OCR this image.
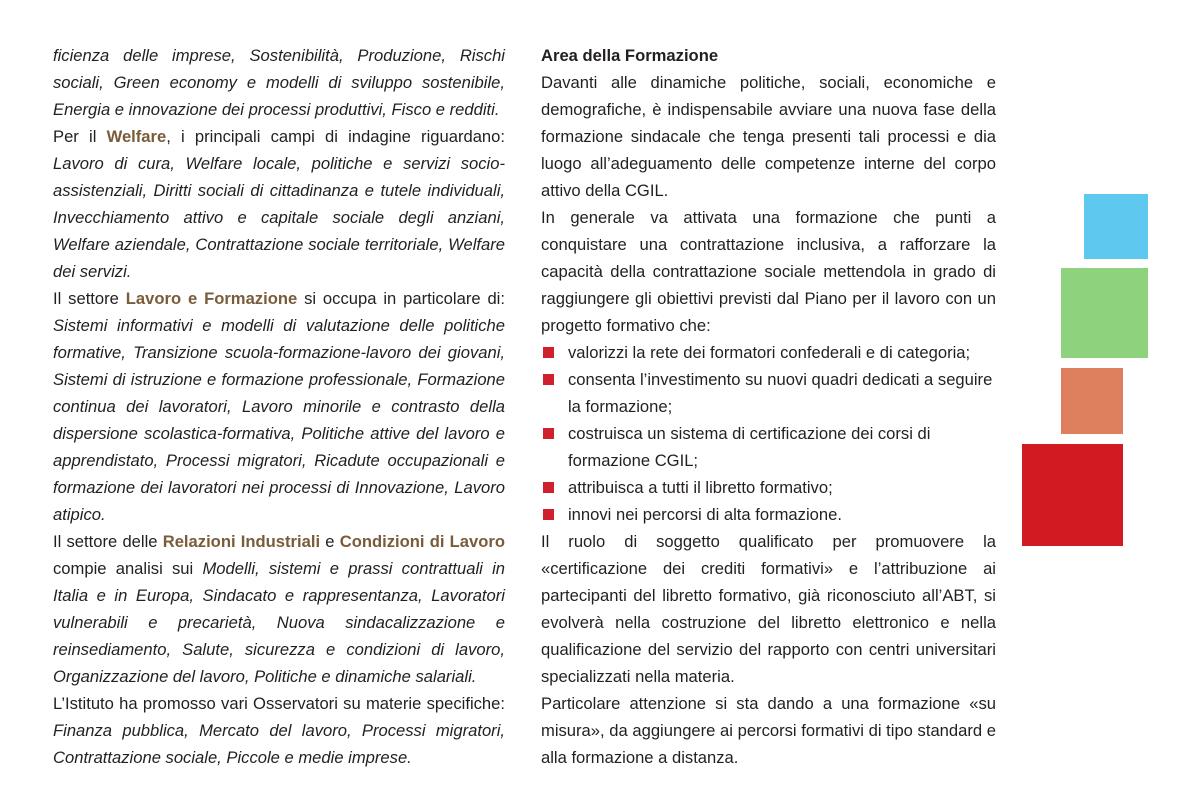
ficienza delle imprese, Sostenibilità, Produzione, Rischi sociali, Green economy e modelli di sviluppo sostenibile, Energia e innovazione dei processi produttivi, Fisco e redditi.

Per il Welfare, i principali campi di indagine riguardano: Lavoro di cura, Welfare locale, politiche e servizi socio-assistenziali, Diritti sociali di cittadinanza e tutele individuali, Invecchiamento attivo e capitale sociale degli anziani, Welfare aziendale, Contrattazione sociale territoriale, Welfare dei servizi.

Il settore Lavoro e Formazione si occupa in particolare di: Sistemi informativi e modelli di valutazione delle politiche formative, Transizione scuola-formazione-lavoro dei giovani, Sistemi di istruzione e formazione professionale, Formazione continua dei lavoratori, Lavoro minorile e contrasto della dispersione scolastica-formativa, Politiche attive del lavoro e apprendistato, Processi migratori, Ricadute occupazionali e formazione dei lavoratori nei processi di Innovazione, Lavoro atipico.

Il settore delle Relazioni Industriali e Condizioni di Lavoro compie analisi sui Modelli, sistemi e prassi contrattuali in Italia e in Europa, Sindacato e rappresentanza, Lavoratori vulnerabili e precarietà, Nuova sindacalizzazione e reinsediamento, Salute, sicurezza e condizioni di lavoro, Organizzazione del lavoro, Politiche e dinamiche salariali.

L’Istituto ha promosso vari Osservatori su materie specifiche: Finanza pubblica, Mercato del lavoro, Processi migratori, Contrattazione sociale, Piccole e medie imprese.

Area della Formazione

Davanti alle dinamiche politiche, sociali, economiche e demografiche, è indispensabile avviare una nuova fase della formazione sindacale che tenga presenti tali processi e dia luogo all’adeguamento delle competenze interne del corpo attivo della CGIL.

In generale va attivata una formazione che punti a conquistare una contrattazione inclusiva, a rafforzare la capacità della contrattazione sociale mettendola in grado di raggiungere gli obiettivi previsti dal Piano per il lavoro con un progetto formativo che:

valorizzi la rete dei formatori confederali e di categoria;
consenta l’investimento su nuovi quadri dedicati a seguire la formazione;
costruisca un sistema di certificazione dei corsi di formazione CGIL;
attribuisca a tutti il libretto formativo;
innovi nei percorsi di alta formazione.

Il ruolo di soggetto qualificato per promuovere la «certificazione dei crediti formativi» e l’attribuzione ai partecipanti del libretto formativo, già riconosciuto all’ABT, si evolverà nella costruzione del libretto elettronico e nella qualificazione del servizio del rapporto con centri universitari specializzati nella materia.

Particolare attenzione si sta dando a una formazione «su misura», da aggiungere ai percorsi formativi di tipo standard e alla formazione a distanza.
